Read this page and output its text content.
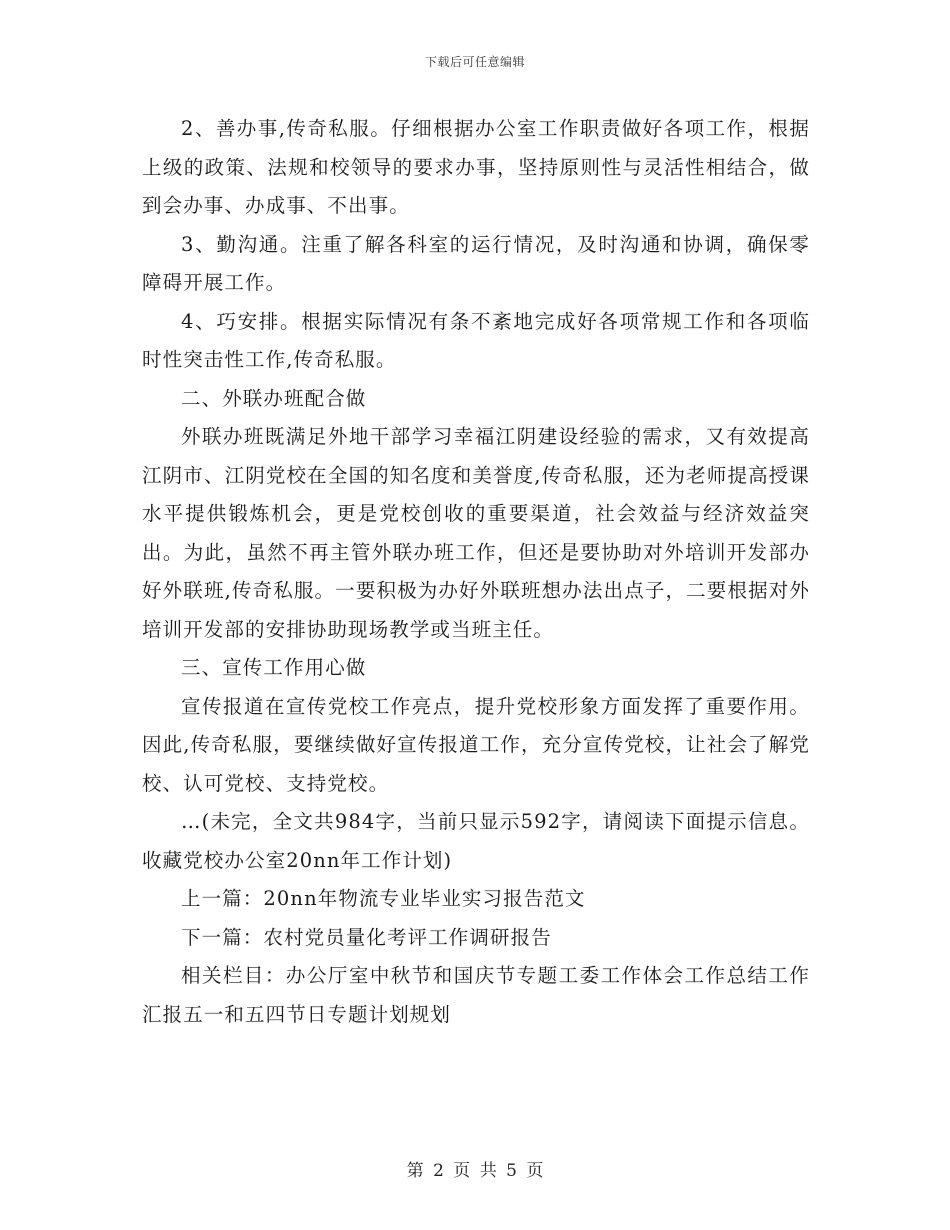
下载后可任意编辑

2、善办事,传奇私服。仔细根据办公室工作职责做好各项工作，根据上级的政策、法规和校领导的要求办事，坚持原则性与灵活性相结合，做到会办事、办成事、不出事。

3、勤沟通。注重了解各科室的运行情况，及时沟通和协调，确保零障碍开展工作。

4、巧安排。根据实际情况有条不紊地完成好各项常规工作和各项临时性突击性工作,传奇私服。

二、外联办班配合做

外联办班既满足外地干部学习幸福江阴建设经验的需求，又有效提高江阴市、江阴党校在全国的知名度和美誉度,传奇私服，还为老师提高授课水平提供锻炼机会，更是党校创收的重要渠道，社会效益与经济效益突出。为此，虽然不再主管外联办班工作，但还是要协助对外培训开发部办好外联班,传奇私服。一要积极为办好外联班想办法出点子，二要根据对外培训开发部的安排协助现场教学或当班主任。

三、宣传工作用心做

宣传报道在宣传党校工作亮点，提升党校形象方面发挥了重要作用。因此,传奇私服，要继续做好宣传报道工作，充分宣传党校，让社会了解党校、认可党校、支持党校。

…(未完，全文共984字，当前只显示592字，请阅读下面提示信息。收藏党校办公室20nn年工作计划)

上一篇：20nn年物流专业毕业实习报告范文

下一篇：农村党员量化考评工作调研报告

相关栏目：办公厅室中秋节和国庆节专题工委工作体会工作总结工作汇报五一和五四节日专题计划规划

第 2 页 共 5 页
